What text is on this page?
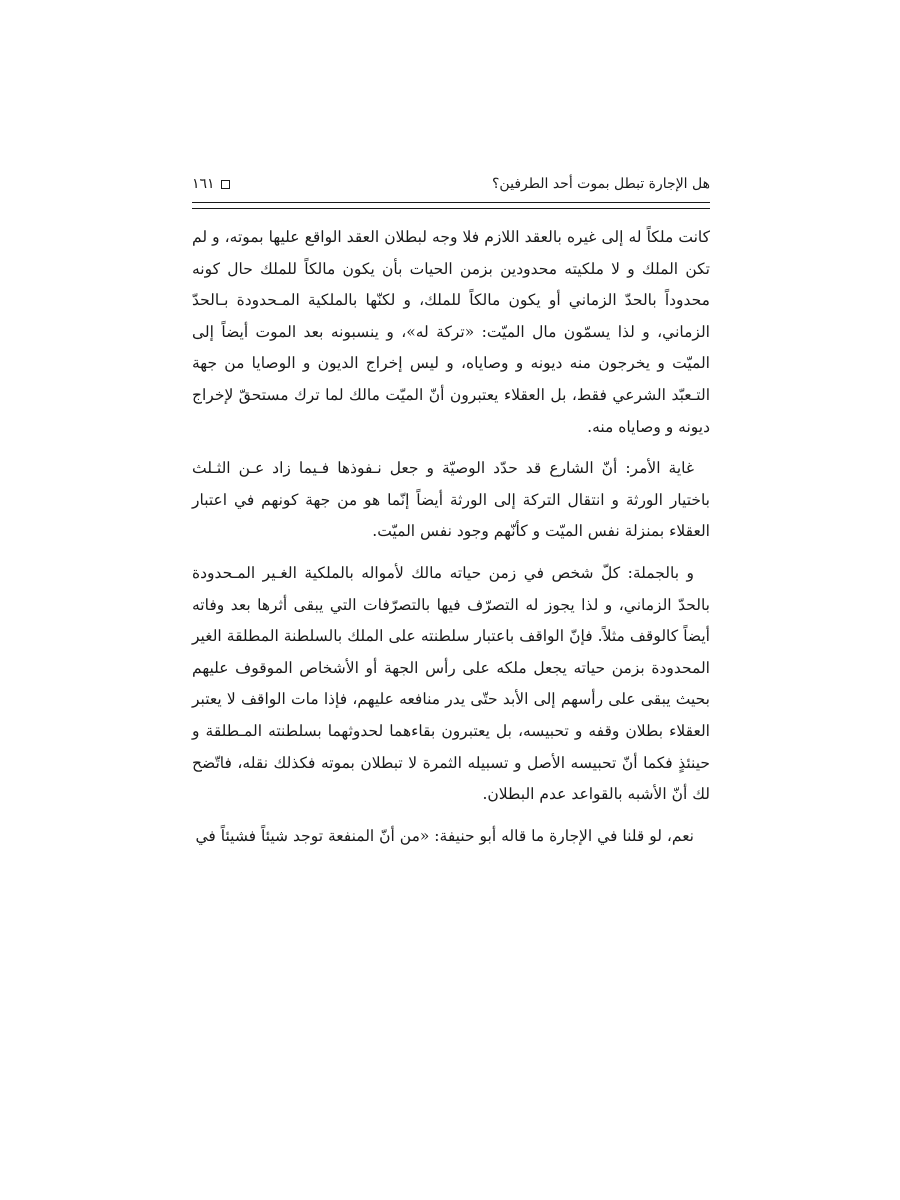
هل الإجارة تبطل بموت أحد الطرفين؟
١٦١

كانت ملكاً له إلى غيره بالعقد اللازم فلا وجه لبطلان العقد الواقع عليها بموته، و لم تكن الملك و لا ملكيته محدودين بزمن الحيات بأن يكون مالكاً للملك حال كونه محدوداً بالحدّ الزماني أو يكون مالكاً للملك، و لكنّها بالملكية المـحدودة بـالحدّ الزماني، و لذا يسمّون مال الميّت: «تركة له»، و ينسبونه بعد الموت أيضاً إلى الميّت و يخرجون منه ديونه و وصاياه، و ليس إخراج الديون و الوصايا من جهة التـعبّد الشرعي فقط، بل العقلاء يعتبرون أنّ الميّت مالك لما ترك مستحقّ لإخراج ديونه و وصاياه منه.

غاية الأمر: أنّ الشارع قد حدّد الوصيّة و جعل نـفوذها فـيما زاد عـن الثـلث باختيار الورثة و انتقال التركة إلى الورثة أيضاً إنّما هو من جهة كونهم في اعتبار العقلاء بمنزلة نفس الميّت و كأنّهم وجود نفس الميّت.

و بالجملة: كلّ شخص في زمن حياته مالك لأمواله بالملكية الغـير المـحدودة بالحدّ الزماني، و لذا يجوز له التصرّف فيها بالتصرّفات التي يبقى أثرها بعد وفاته أيضاً كالوقف مثلاً. فإنّ الواقف باعتبار سلطنته على الملك بالسلطنة المطلقة الغير المحدودة بزمن حياته يجعل ملكه على رأس الجهة أو الأشخاص الموقوف عليهم بحيث يبقى على رأسهم إلى الأبد حتّى يدر منافعه عليهم، فإذا مات الواقف لا يعتبر العقلاء بطلان وقفه و تحبيسه، بل يعتبرون بقاءهما لحدوثهما بسلطنته المـطلقة و حينئذٍ فكما أنّ تحبيسه الأصل و تسبيله الثمرة لا تبطلان بموته فكذلك نقله، فاتّضح لك أنّ الأشبه بالقواعد عدم البطلان.

نعم، لو قلنا في الإجارة ما قاله أبو حنيفة: «من أنّ المنفعة توجد شيئاً فشيئاً في
